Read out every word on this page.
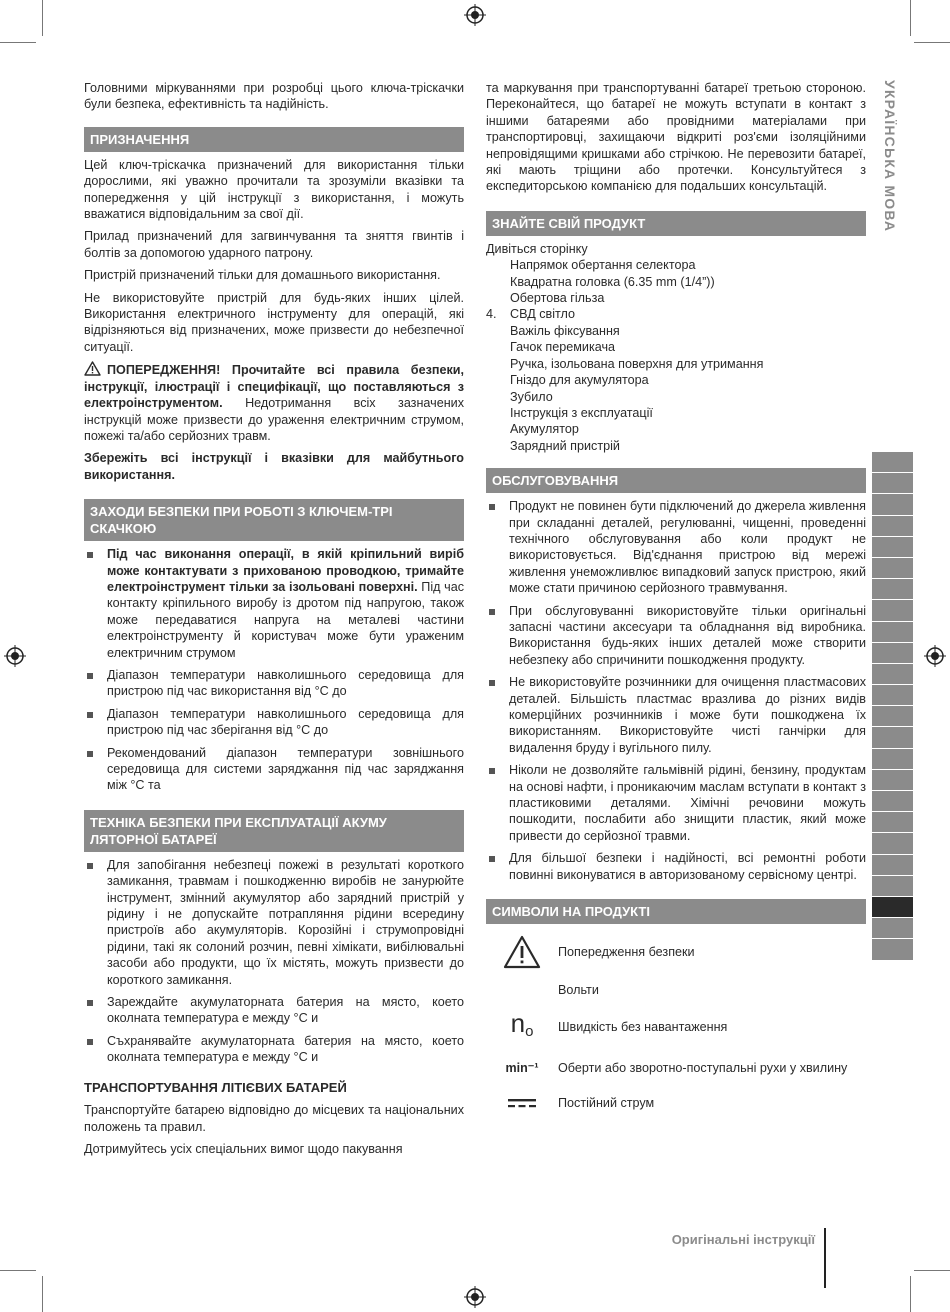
Головними міркуваннями при розробці цього ключа-тріскачки були безпека, ефективність та надійність.

ПРИЗНАЧЕННЯ

Цей ключ-тріскачка призначений для використання тільки дорослими, які уважно прочитали та зрозуміли вказівки та попередження у цій інструкції з використання, і можуть вважатися відповідальним за свої дії.

Прилад призначений для загвинчування та зняття гвинтів і болтів за допомогою ударного патрону.

Пристрій призначений тільки для домашнього використання.

Не використовуйте пристрій для будь-яких інших цілей. Використання електричного інструменту для операцій, які відрізняються від призначених, може призвести до небезпечної ситуації.

ПОПЕРЕДЖЕННЯ! Прочитайте всі правила безпеки, інструкції, ілюстрації і специфікації, що поставляються з електроінструментом. Недотримання всіх зазначених інструкцій може призвести до ураження електричним струмом, пожежі та/або серйозних травм.

Збережіть всі інструкції і вказівки для майбутнього використання.

ЗАХОДИ БЕЗПЕКИ ПРИ РОБОТІ З КЛЮЧЕМ-ТРІ СКАЧКОЮ
Під час виконання операції, в якій кріпильний виріб може контактувати з прихованою проводкою, тримайте електроінструмент тільки за ізольовані поверхні. Під час контакту кріпильного виробу із дротом під напругою, також може передаватися напруга на металеві частини електроінструменту й користувач може бути ураженим електричним струмом
Діапазон температури навколишнього середовища для пристрою під час використання від °C до
Діапазон температури навколишнього середовища для пристрою під час зберігання від °C до
Рекомендований діапазон температури зовнішнього середовища для системи заряджання під час заряджання між °C та
ТЕХНІКА БЕЗПЕКИ ПРИ ЕКСПЛУАТАЦІЇ АКУМУ ЛЯТОРНОЇ БАТАРЕЇ
Для запобігання небезпеці пожежі в результаті короткого замикання, травмам і пошкодженню виробів не занурюйте інструмент, змінний акумулятор або зарядний пристрій у рідину і не допускайте потрапляння рідини всередину пристроїв або акумуляторів. Корозійні і струмопровідні рідини, такі як солоний розчин, певні хімікати, вибілювальні засоби або продукти, що їх містять, можуть призвести до короткого замикання.
Зареждайте акумулаторната батерия на място, което околната температура е между °C и
Съхранявайте акумулаторната батерия на място, което околната температура е между °C и
ТРАНСПОРТУВАННЯ ЛІТІЄВИХ БАТАРЕЙ

Транспортуйте батарею відповідно до місцевих та національних положень та правил.

Дотримуйтесь усіх спеціальних вимог щодо пакування

та маркування при транспортуванні батареї третьою стороною. Переконайтеся, що батареї не можуть вступати в контакт з іншими батареями або провідними матеріалами при транспортировці, захищаючи відкриті роз'єми ізоляційними непровідящими кришками або стрічкою. Не перевозити батареї, які мають тріщини або протечки. Консультуйтеся з експедиторською компанією для подальших консультацій.

ЗНАЙТЕ СВІЙ ПРОДУКТ
Дивіться сторінку
Напрямок обертання селектора
Квадратна головка (6.35 mm (1/4”))
Обертова гільза
4. СВД світло
Важіль фіксування
Гачок перемикача
Ручка, ізольована поверхня для утримання
Гніздо для акумулятора
Зубило
Інструкція з експлуатації
Акумулятор
Зарядний пристрій
ОБСЛУГОВУВАННЯ
Продукт не повинен бути підключений до джерела живлення при складанні деталей, регулюванні, чищенні, проведенні технічного обслуговування або коли продукт не використовується. Від'єднання пристрою від мережі живлення унеможливлює випадковий запуск пристрою, який може стати причиною серйозного травмування.
При обслуговуванні використовуйте тільки оригінальні запасні частини аксесуари та обладнання від виробника. Використання будь-яких інших деталей може створити небезпеку або спричинити пошкодження продукту.
Не використовуйте розчинники для очищення пластмасових деталей. Більшість пластмас вразлива до різних видів комерційних розчинників і може бути пошкоджена їх використанням. Використовуйте чисті ганчірки для видалення бруду і вугільного пилу.
Ніколи не дозволяйте гальмівній рідині, бензину, продуктам на основі нафти, і проникаючим маслам вступати в контакт з пластиковими деталями. Хімічні речовини можуть пошкодити, послабити або знищити пластик, який може привести до серйозної травми.
Для більшої безпеки і надійності, всі ремонтні роботи повинні виконуватися в авторизованому сервісному центрі.
СИМВОЛИ НА ПРОДУКТІ
Попередження безпеки
Вольти
no Швидкість без навантаження
min⁻¹ Оберти або зворотно-поступальні рухи у хвилину
Постійний струм
УКРАЇНСЬКА МОВА
Оригінальні інструкції
